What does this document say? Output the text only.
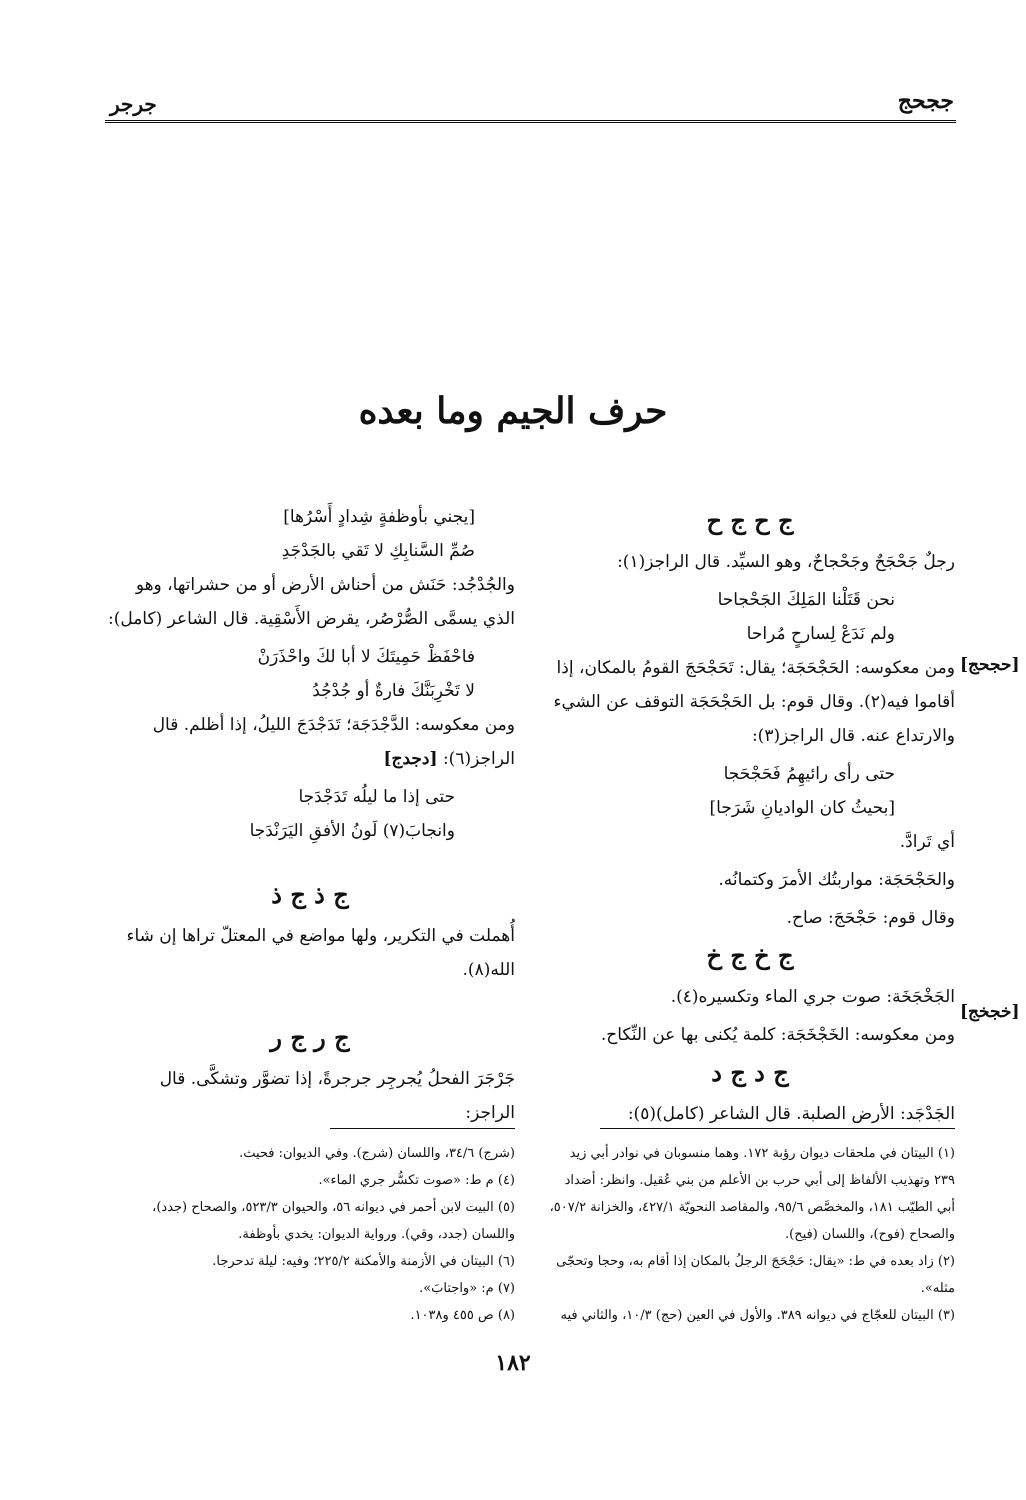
جرجر	ججحج
حرف الجيم وما بعده
[حجحج]
[خجخج]
ج ح ج ح
رجلٌ جَحْجَحٌ وجَحْجاحٌ، وهو السيِّد. قال الراجز(١):
نحن قَتَلْنا المَلِكَ الجَحْجاحا
ولم نَدَعْ لِسارحٍ مُراحا
ومن معكوسه: الحَجْحَجَة؛ يقال: تَحَجْحَجَ القومُ بالمكان، إذا أقاموا فيه(٢). وقال قوم: بل الحَجْحَجَة التوقف عن الشيء والارتداع عنه. قال الراجز(٣):
حتى رأى رائيهِمُ فَحَجْحَجا
[بحيثُ كان الواديانِ شَرَجا]
أي تَرادَّ.
والحَجْحَجَة: مواربتُك الأمرَ وكتمانُه.
وقال قوم: حَجْحَجَ: صاح.
ج خ ج خ
الجَخْجَخَة: صوت جري الماء وتكسيره(٤).
ومن معكوسه: الخَجْخَجَة: كلمة يُكنى بها عن النِّكاح.
ج د ج د
الجَدْجَد: الأرض الصلبة. قال الشاعر (كامل)(٥):
[يجني بأوظفةٍ شِدادٍ أَسْرُها]
صُمِّ السَّنابِكِ لا تَقي بالجَدْجَدِ
والجُدْجُد: حَنَش من أحناش الأرض أو من حشراتها، وهو الذي يسمَّى الصُّرْصُر، يقرض الأَسْقِية. قال الشاعر (كامل):
فاحْفَظْ حَمِيتَكَ لا أبا لكَ واحْذَرَنْ
لا تَخْرِبَنَّكَ فارةٌ أو جُدْجُدُ
ومن معكوسه: الدَّجْدَجَة؛ تَدَجْدَجَ الليلُ، إذا أظلم. قال الراجز(٦): [دجدج]
حتى إذا ما ليلُه تَدَجْدَجا
وانجابَ(٧) لَونُ الأفقِ اليَرَنْدَجا
ج ذ ج ذ
أُهملت في التكرير، ولها مواضع في المعتلّ تراها إن شاء الله(٨).
ج ر ج ر
جَرْجَرَ الفحلُ يُجرجِر جرجرةً، إذا تضوَّر وتشكَّى. قال الراجز:
(١) البيتان في ملحقات ديوان رؤبة ١٧٢. وهما منسوبان في نوادر أبي زيد ٢٣٩ وتهذيب الألفاظ إلى أبي حرب بن الأعلم من بني عُقيل. وانظر: أضداد أبي الطيّب ١٨١، والمخصَّص ٩٥/٦، والمقاصد النحويّة ٤٢٧/١، والخزانة ٥٠٧/٢، والصحاح (فوح)، واللسان (فيح).
(٢) زاد بعده في ط: «يقال: حَجْحَجَ الرجلُ بالمكان إذا أقام به، وحجا وتحجّى مثله».
(٣) البيتان للعجّاج في ديوانه ٣٨٩. والأول في العين (حج) ١٠/٣، والثاني فيه
(شرج) ٣٤/٦، واللسان (شرج). وفي الديوان: فحيث.
(٤) م ط: «صوت تكسُّر جري الماء».
(٥) البيت لابن أحمر في ديوانه ٥٦، والحيوان ٥٢٣/٣، والصحاح (جدد)، واللسان (جدد، وقي). ورواية الديوان: يخدي بأوظفة.
(٦) البيتان في الأزمنة والأمكنة ٢٢٥/٢؛ وفيه: ليلة تدحرجا.
(٧) م: «واجتابَ».
(٨) ص ٤٥٥ و١٠٣٨.
١٨٢
